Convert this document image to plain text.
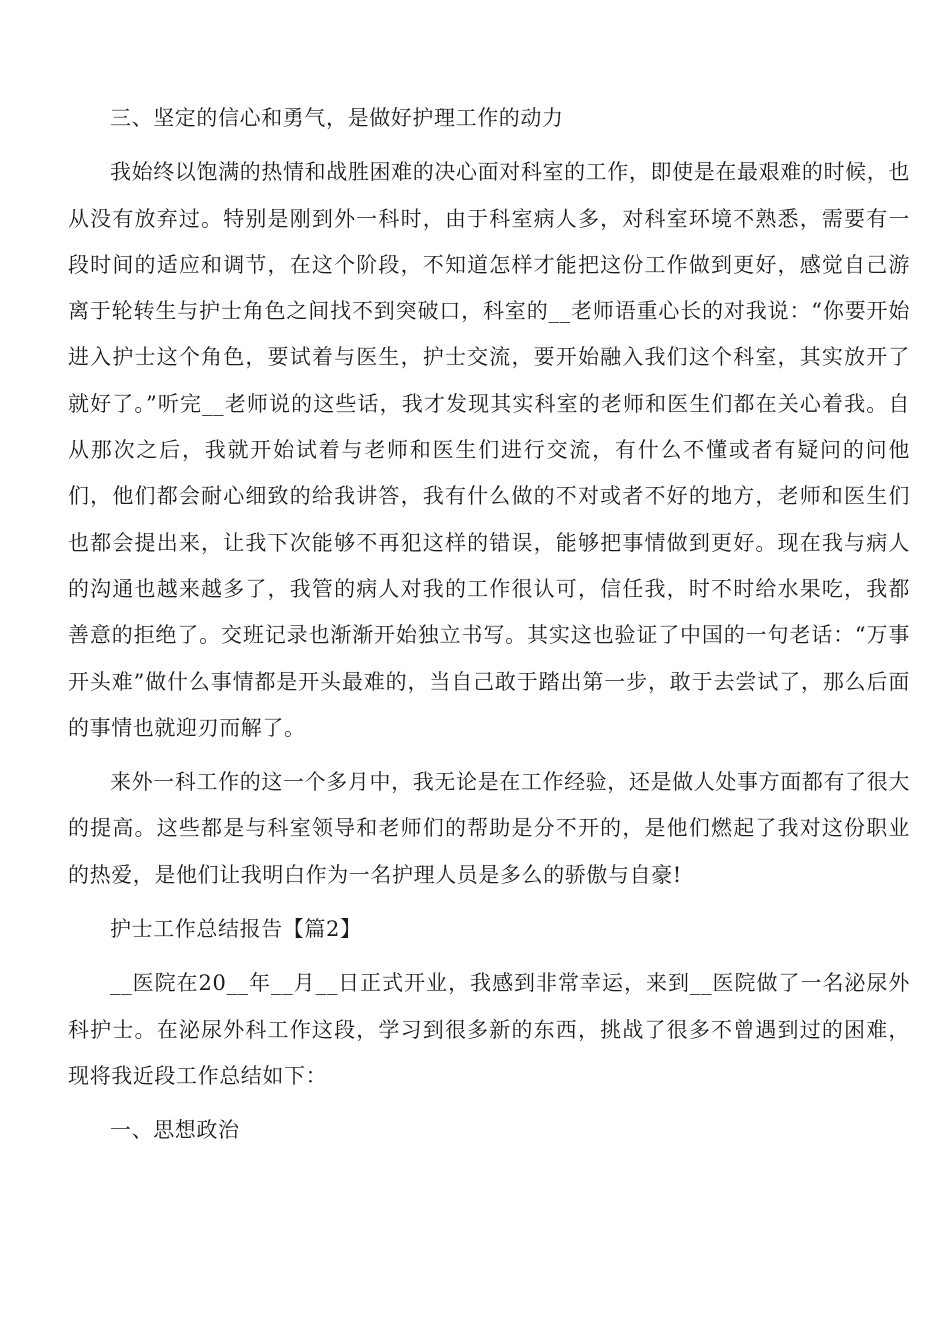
三、坚定的信心和勇气，是做好护理工作的动力

我始终以饱满的热情和战胜困难的决心面对科室的工作，即使是在最艰难的时候，也从没有放弃过。特别是刚到外一科时，由于科室病人多，对科室环境不熟悉，需要有一段时间的适应和调节，在这个阶段，不知道怎样才能把这份工作做到更好，感觉自己游离于轮转生与护士角色之间找不到突破口，科室的__老师语重心长的对我说：“你要开始进入护士这个角色，要试着与医生，护士交流，要开始融入我们这个科室，其实放开了就好了。”听完__老师说的这些话，我才发现其实科室的老师和医生们都在关心着我。自从那次之后，我就开始试着与老师和医生们进行交流，有什么不懂或者有疑问的问他们，他们都会耐心细致的给我讲答，我有什么做的不对或者不好的地方，老师和医生们也都会提出来，让我下次能够不再犯这样的错误，能够把事情做到更好。现在我与病人的沟通也越来越多了，我管的病人对我的工作很认可，信任我，时不时给水果吃，我都善意的拒绝了。交班记录也渐渐开始独立书写。其实这也验证了中国的一句老话：“万事开头难”做什么事情都是开头最难的，当自己敢于踏出第一步，敢于去尝试了，那么后面的事情也就迎刃而解了。

来外一科工作的这一个多月中，我无论是在工作经验，还是做人处事方面都有了很大的提高。这些都是与科室领导和老师们的帮助是分不开的，是他们燃起了我对这份职业的热爱，是他们让我明白作为一名护理人员是多么的骄傲与自豪!

护士工作总结报告【篇2】

__医院在20__年__月__日正式开业，我感到非常幸运，来到__医院做了一名泌尿外科护士。在泌尿外科工作这段，学习到很多新的东西，挑战了很多不曾遇到过的困难，现将我近段工作总结如下：

一、思想政治
